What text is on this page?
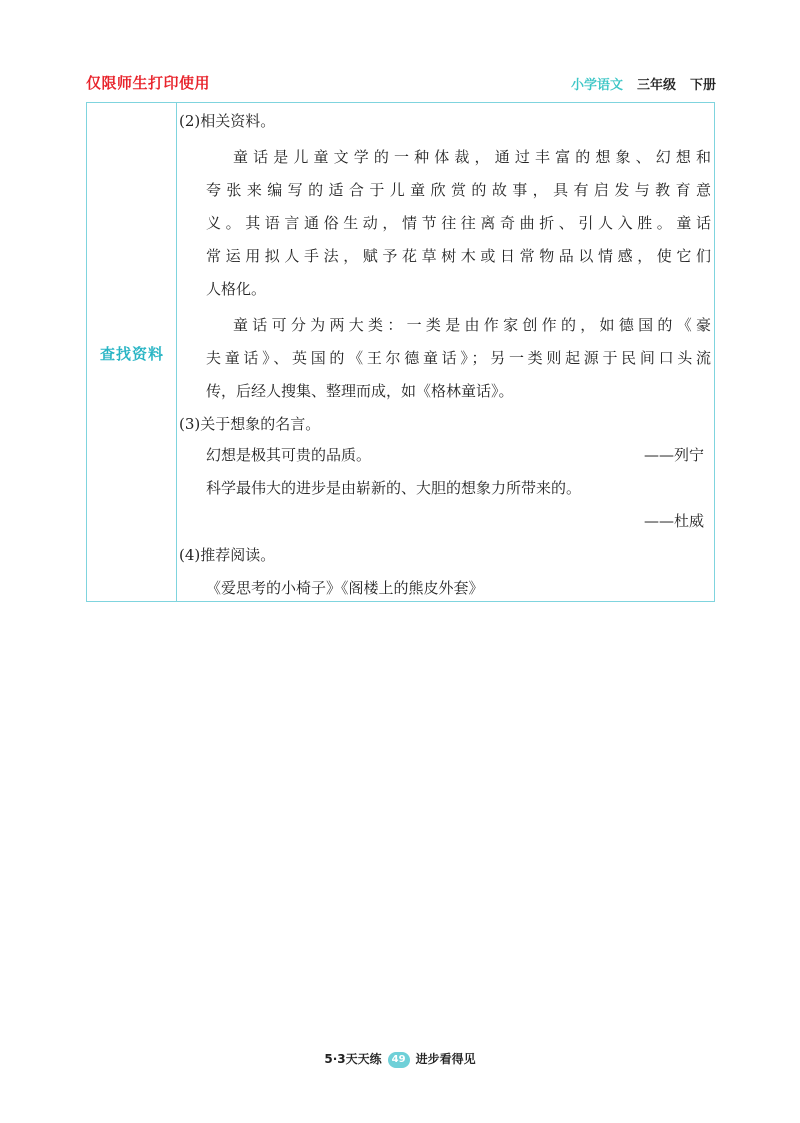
仅限师生打印使用	小学语文 三年级 下册
查找资料
(2)相关资料。
童话是儿童文学的一种体裁，通过丰富的想象、幻想和
夸张来编写的适合于儿童欣赏的故事，具有启发与教育意
义。其语言通俗生动，情节往往离奇曲折、引人入胜。童话
常运用拟人手法，赋予花草树木或日常物品以情感，使它们
人格化。
童话可分为两大类：一类是由作家创作的，如德国的《豪
夫童话》、英国的《王尔德童话》；另一类则起源于民间口头流
传，后经人搜集、整理而成，如《格林童话》。
(3)关于想象的名言。
幻想是极其可贵的品质。	——列宁
科学最伟大的进步是由崭新的、大胆的想象力所带来的。
——杜威
(4)推荐阅读。
《爱思考的小椅子》《阁楼上的熊皮外套》
5·3天天练 49 进步看得见
